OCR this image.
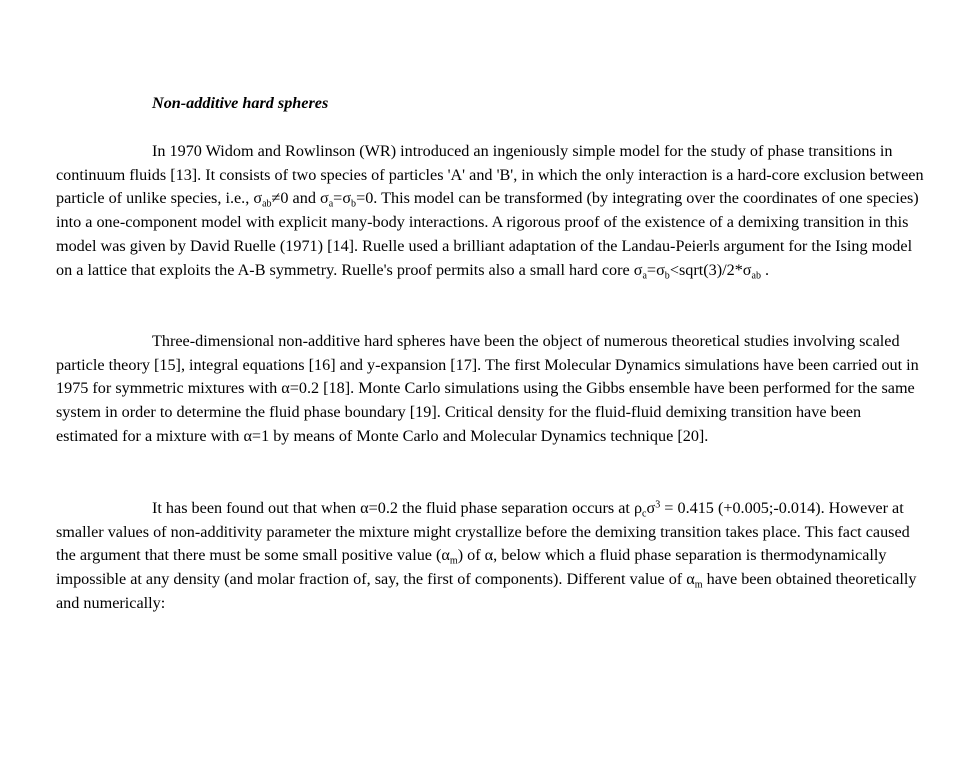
Non-additive hard spheres

In 1970 Widom and Rowlinson (WR) introduced an ingeniously simple model for the study of phase transitions in continuum fluids [13]. It consists of two species of particles 'A' and 'B', in which the only interaction is a hard-core exclusion between particle of unlike species, i.e., $\sigma_{ab}\ne 0$ and $\sigma_a=\sigma_b=0$. This model can be transformed (by integrating over the coordinates of one species) into a one-component model with explicit many-body interactions. A rigorous proof of the existence of a demixing transition in this model was given by David Ruelle (1971) [14]. Ruelle used a brilliant adaptation of the Landau-Peierls argument for the Ising model on a lattice that exploits the A-B symmetry. Ruelle's proof permits also a small hard core $\sigma_a=\sigma_b<sqrt(3)/2*\sigma_{ab}$ .

Three-dimensional non-additive hard spheres have been the object of numerous theoretical studies involving scaled particle theory [15], integral equations [16] and y-expansion [17]. The first Molecular Dynamics simulations have been carried out in 1975 for symmetric mixtures with α=0.2 [18]. Monte Carlo simulations using the Gibbs ensemble have been performed for the same system in order to determine the fluid phase boundary [19]. Critical density for the fluid-fluid demixing transition have been estimated for a mixture with α=1 by means of Monte Carlo and Molecular Dynamics technique [20].

It has been found out that when α=0.2 the fluid phase separation occurs at $\rho_c\sigma^3 = 0.415$ (+0.005;-0.014). However at smaller values of non-additivity parameter the mixture might crystallize before the demixing transition takes place. This fact caused the argument that there must be some small positive value $(\alpha_m)$ of α, below which a fluid phase separation is thermodynamically impossible at any density (and molar fraction of, say, the first of components). Different value of $\alpha_m$ have been obtained theoretically and numerically:
